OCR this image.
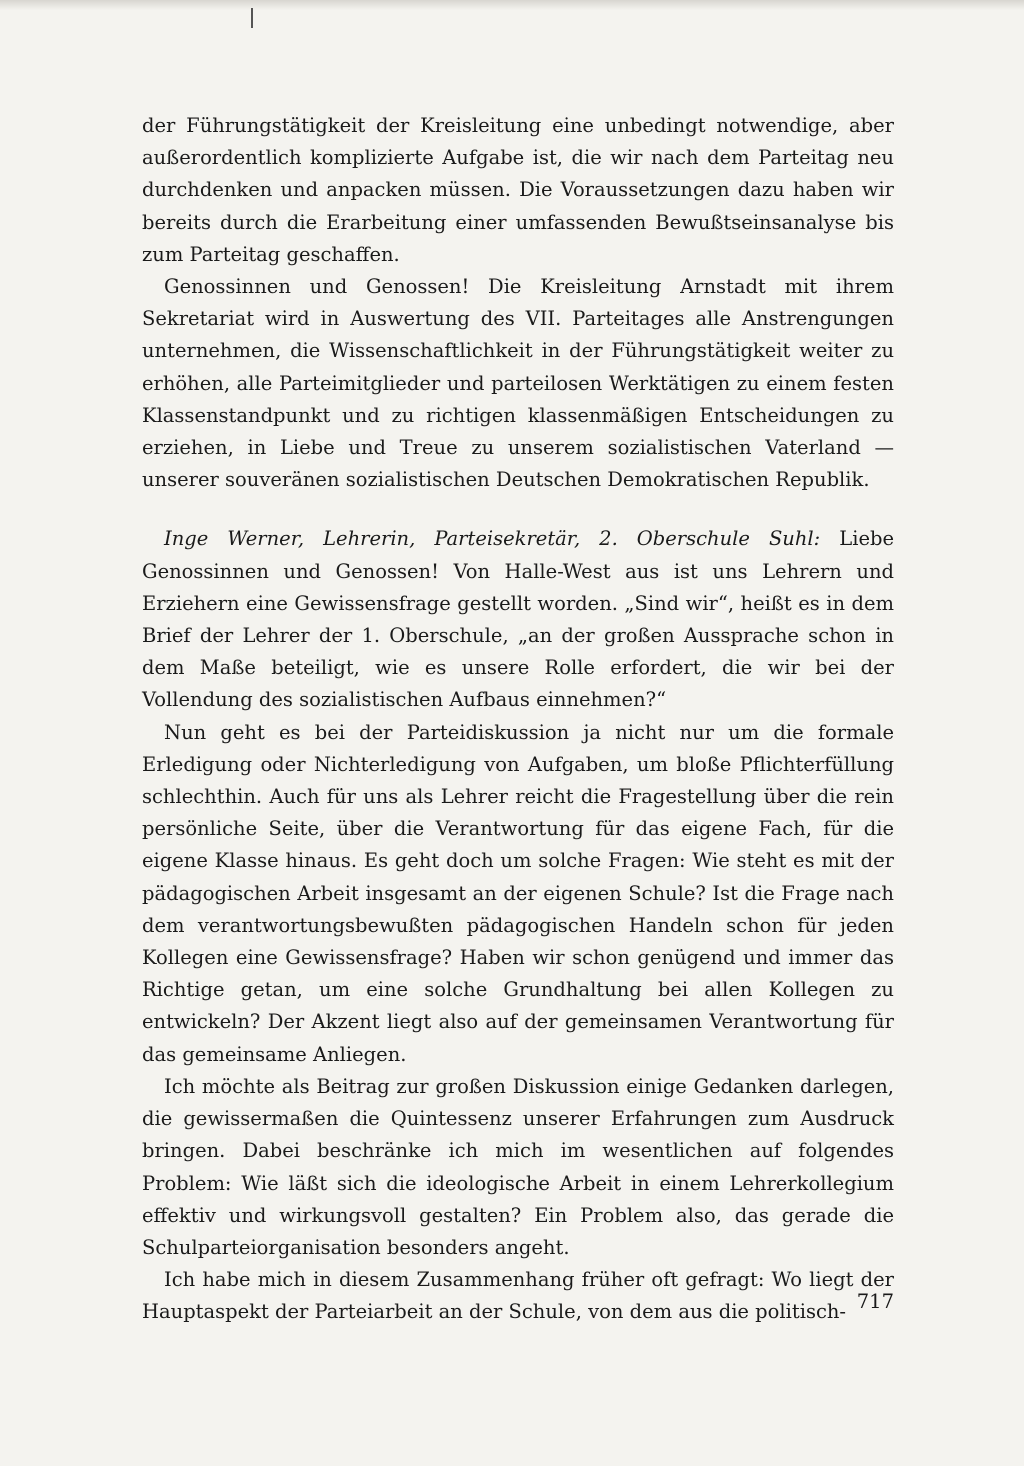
der Führungstätigkeit der Kreisleitung eine unbedingt notwendige, aber außerordentlich komplizierte Aufgabe ist, die wir nach dem Parteitag neu durchdenken und anpacken müssen. Die Voraussetzungen dazu haben wir bereits durch die Erarbeitung einer umfassenden Bewußtseinsanalyse bis zum Parteitag geschaffen.

Genossinnen und Genossen! Die Kreisleitung Arnstadt mit ihrem Sekretariat wird in Auswertung des VII. Parteitages alle Anstrengungen unternehmen, die Wissenschaftlichkeit in der Führungstätigkeit weiter zu erhöhen, alle Parteimitglieder und parteilosen Werktätigen zu einem festen Klassenstandpunkt und zu richtigen klassenmäßigen Entscheidungen zu erziehen, in Liebe und Treue zu unserem sozialistischen Vaterland — unserer souveränen sozialistischen Deutschen Demokratischen Republik.

Inge Werner, Lehrerin, Parteisekretär, 2. Oberschule Suhl: Liebe Genossinnen und Genossen! Von Halle-West aus ist uns Lehrern und Erziehern eine Gewissensfrage gestellt worden. „Sind wir“, heißt es in dem Brief der Lehrer der 1. Oberschule, „an der großen Aussprache schon in dem Maße beteiligt, wie es unsere Rolle erfordert, die wir bei der Vollendung des sozialistischen Aufbaus einnehmen?“

Nun geht es bei der Parteidiskussion ja nicht nur um die formale Erledigung oder Nichterledigung von Aufgaben, um bloße Pflichterfüllung schlechthin. Auch für uns als Lehrer reicht die Fragestellung über die rein persönliche Seite, über die Verantwortung für das eigene Fach, für die eigene Klasse hinaus. Es geht doch um solche Fragen: Wie steht es mit der pädagogischen Arbeit insgesamt an der eigenen Schule? Ist die Frage nach dem verantwortungsbewußten pädagogischen Handeln schon für jeden Kollegen eine Gewissensfrage? Haben wir schon genügend und immer das Richtige getan, um eine solche Grundhaltung bei allen Kollegen zu entwickeln? Der Akzent liegt also auf der gemeinsamen Verantwortung für das gemeinsame Anliegen.

Ich möchte als Beitrag zur großen Diskussion einige Gedanken darlegen, die gewissermaßen die Quintessenz unserer Erfahrungen zum Ausdruck bringen. Dabei beschränke ich mich im wesentlichen auf folgendes Problem: Wie läßt sich die ideologische Arbeit in einem Lehrerkollegium effektiv und wirkungsvoll gestalten? Ein Problem also, das gerade die Schulparteiorganisation besonders angeht.

Ich habe mich in diesem Zusammenhang früher oft gefragt: Wo liegt der Hauptaspekt der Parteiarbeit an der Schule, von dem aus die politisch- 717
